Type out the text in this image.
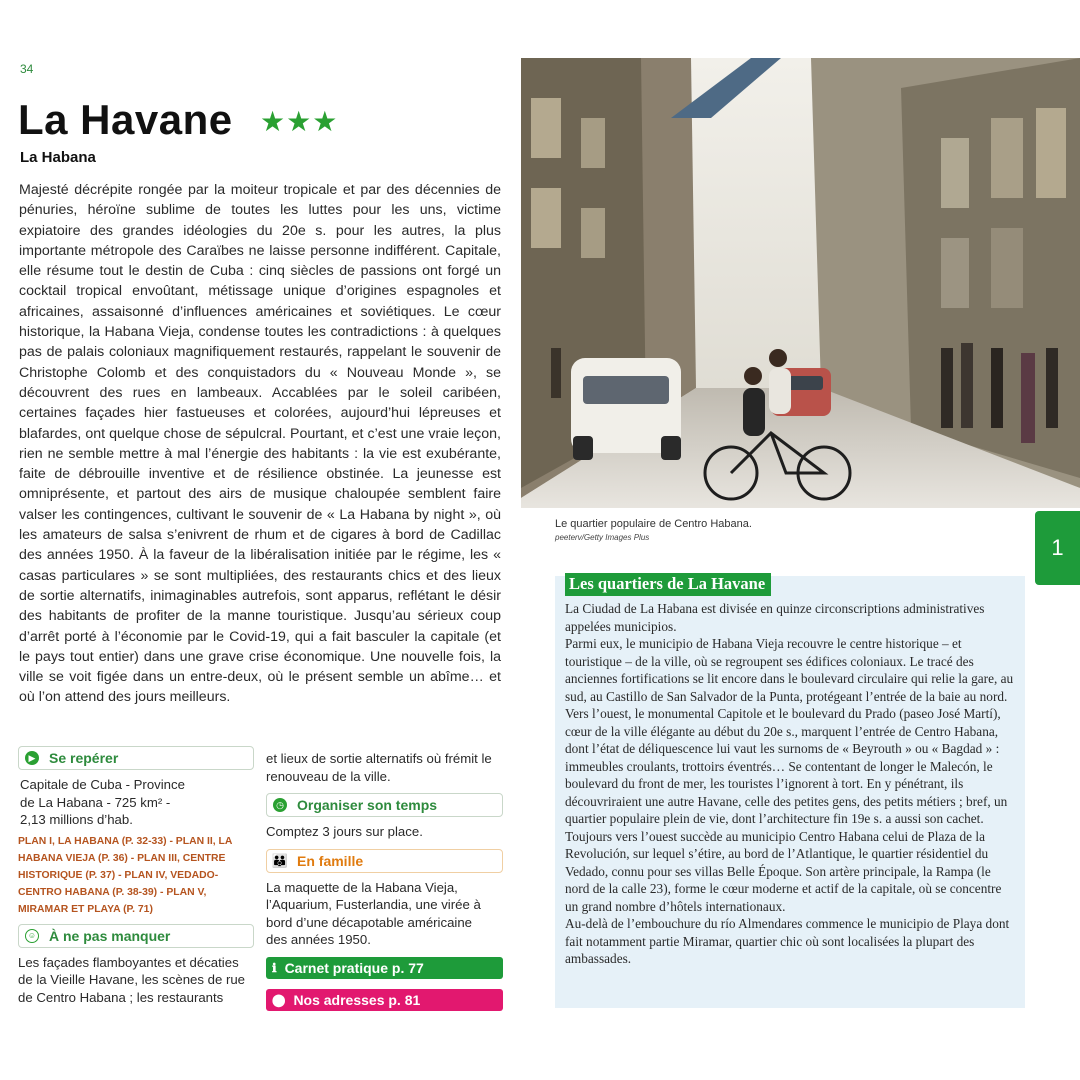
34
La Havane ★★★
La Habana
Majesté décrépite rongée par la moiteur tropicale et par des décennies de pénuries, héroïne sublime de toutes les luttes pour les uns, victime expiatoire des grandes idéologies du 20e s. pour les autres, la plus importante métropole des Caraïbes ne laisse personne indifférent. Capitale, elle résume tout le destin de Cuba : cinq siècles de passions ont forgé un cocktail tropical envoûtant, métissage unique d’origines espagnoles et africaines, assaisonné d’influences américaines et soviétiques. Le cœur historique, la Habana Vieja, condense toutes les contradictions : à quelques pas de palais coloniaux magnifiquement restaurés, rappelant le souvenir de Christophe Colomb et des conquistadors du « Nouveau Monde », se découvrent des rues en lambeaux. Accablées par le soleil caribéen, certaines façades hier fastueuses et colorées, aujourd’hui lépreuses et blafardes, ont quelque chose de sépulcral. Pourtant, et c’est une vraie leçon, rien ne semble mettre à mal l’énergie des habitants : la vie est exubérante, faite de débrouille inventive et de résilience obstinée. La jeunesse est omniprésente, et partout des airs de musique chaloupée semblent faire valser les contingences, cultivant le souvenir de « La Habana by night », où les amateurs de salsa s’enivrent de rhum et de cigares à bord de Cadillac des années 1950. À la faveur de la libéralisation initiée par le régime, les « casas particulares » se sont multipliées, des restaurants chics et des lieux de sortie alternatifs, inimaginables autrefois, sont apparus, reflétant le désir des habitants de profiter de la manne touristique. Jusqu’au sérieux coup d’arrêt porté à l’économie par le Covid-19, qui a fait basculer la capitale (et le pays tout entier) dans une grave crise économique. Une nouvelle fois, la ville se voit figée dans un entre-deux, où le présent semble un abîme… et où l’on attend des jours meilleurs.
▶ Se repérer
Capitale de Cuba - Province de La Habana - 725 km² - 2,13 millions d’hab.
PLAN I, LA HABANA (P. 32-33) - PLAN II, LA HABANA VIEJA (P. 36) - PLAN III, CENTRE HISTORIQUE (P. 37) - PLAN IV, VEDADO-CENTRO HABANA (P. 38-39) - PLAN V, MIRAMAR ET PLAYA (P. 71)
☺ À ne pas manquer
Les façades flamboyantes et décaties de la Vieille Havane, les scènes de rue de Centro Habana ; les restaurants
et lieux de sortie alternatifs où frémit le renouveau de la ville.
◷ Organiser son temps
Comptez 3 jours sur place.
👪 En famille
La maquette de la Habana Vieja, l’Aquarium, Fusterlandia, une virée à bord d’une décapotable américaine des années 1950.
ℹ Carnet pratique p. 77
⬤ Nos adresses p. 81
Le quartier populaire de Centro Habana.
peeterv/Getty Images Plus	1
Les quartiers de La Havane

La Ciudad de La Habana est divisée en quinze circonscriptions administratives appelées municipios.

Parmi eux, le municipio de Habana Vieja recouvre le centre historique – et touristique – de la ville, où se regroupent ses édifices coloniaux. Le tracé des anciennes fortifications se lit encore dans le boulevard circulaire qui relie la gare, au sud, au Castillo de San Salvador de la Punta, protégeant l’entrée de la baie au nord.

Vers l’ouest, le monumental Capitole et le boulevard du Prado (paseo José Martí), cœur de la ville élégante au début du 20e s., marquent l’entrée de Centro Habana, dont l’état de déliquescence lui vaut les surnoms de « Beyrouth » ou « Bagdad » : immeubles croulants, trottoirs éventrés… Se contentant de longer le Malecón, le boulevard du front de mer, les touristes l’ignorent à tort. En y pénétrant, ils découvriraient une autre Havane, celle des petites gens, des petits métiers ; bref, un quartier populaire plein de vie, dont l’architecture fin 19e s. a aussi son cachet.

Toujours vers l’ouest succède au municipio Centro Habana celui de Plaza de la Revolución, sur lequel s’étire, au bord de l’Atlantique, le quartier résidentiel du Vedado, connu pour ses villas Belle Époque. Son artère principale, la Rampa (le nord de la calle 23), forme le cœur moderne et actif de la capitale, où se concentre un grand nombre d’hôtels internationaux.

Au-delà de l’embouchure du río Almendares commence le municipio de Playa dont fait notamment partie Miramar, quartier chic où sont localisées la plupart des ambassades.
